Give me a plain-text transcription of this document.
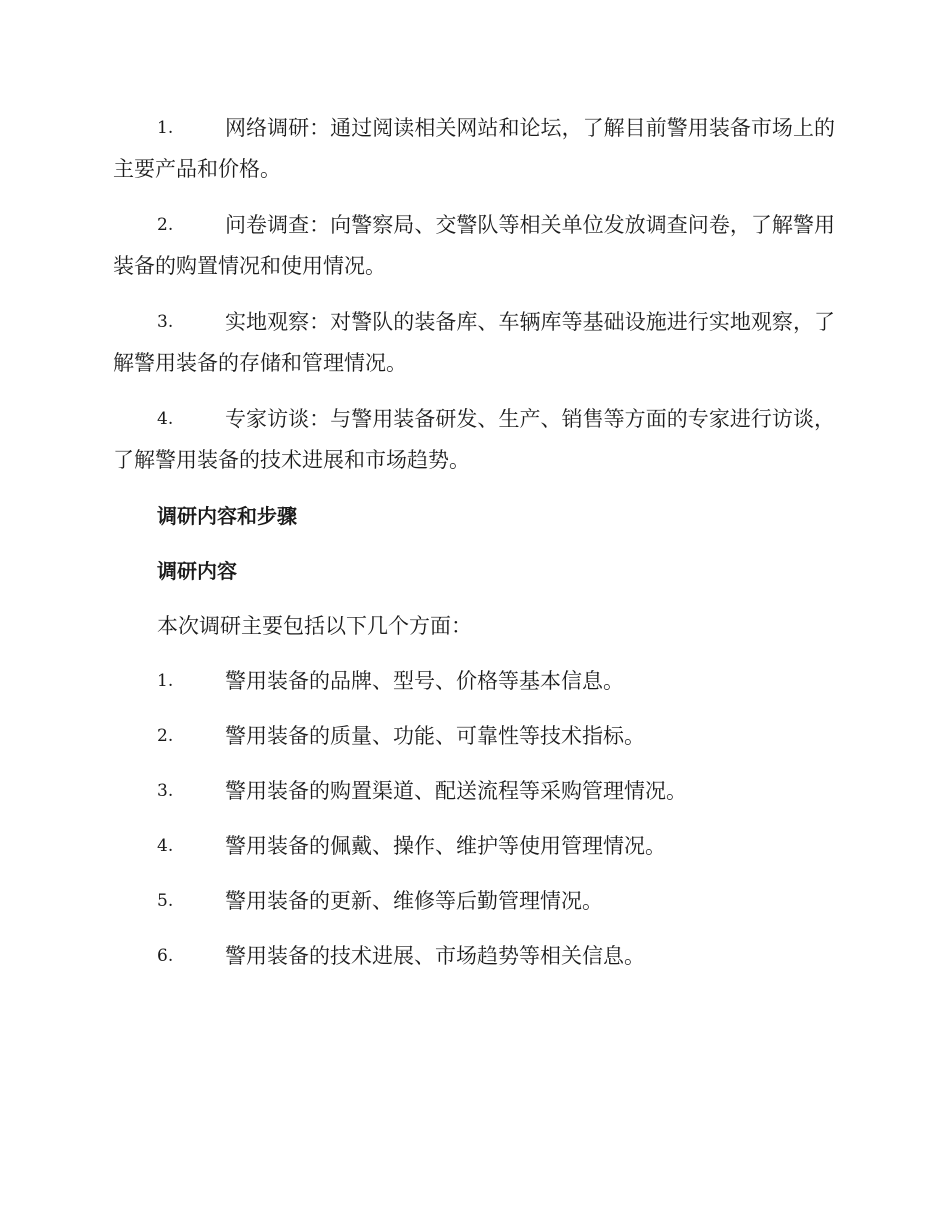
1. 网络调研：通过阅读相关网站和论坛，了解目前警用装备市场上的主要产品和价格。

2. 问卷调查：向警察局、交警队等相关单位发放调查问卷，了解警用装备的购置情况和使用情况。

3. 实地观察：对警队的装备库、车辆库等基础设施进行实地观察，了解警用装备的存储和管理情况。

4. 专家访谈：与警用装备研发、生产、销售等方面的专家进行访谈，了解警用装备的技术进展和市场趋势。

调研内容和步骤
调研内容
本次调研主要包括以下几个方面：

1. 警用装备的品牌、型号、价格等基本信息。

2. 警用装备的质量、功能、可靠性等技术指标。

3. 警用装备的购置渠道、配送流程等采购管理情况。

4. 警用装备的佩戴、操作、维护等使用管理情况。

5. 警用装备的更新、维修等后勤管理情况。

6. 警用装备的技术进展、市场趋势等相关信息。
